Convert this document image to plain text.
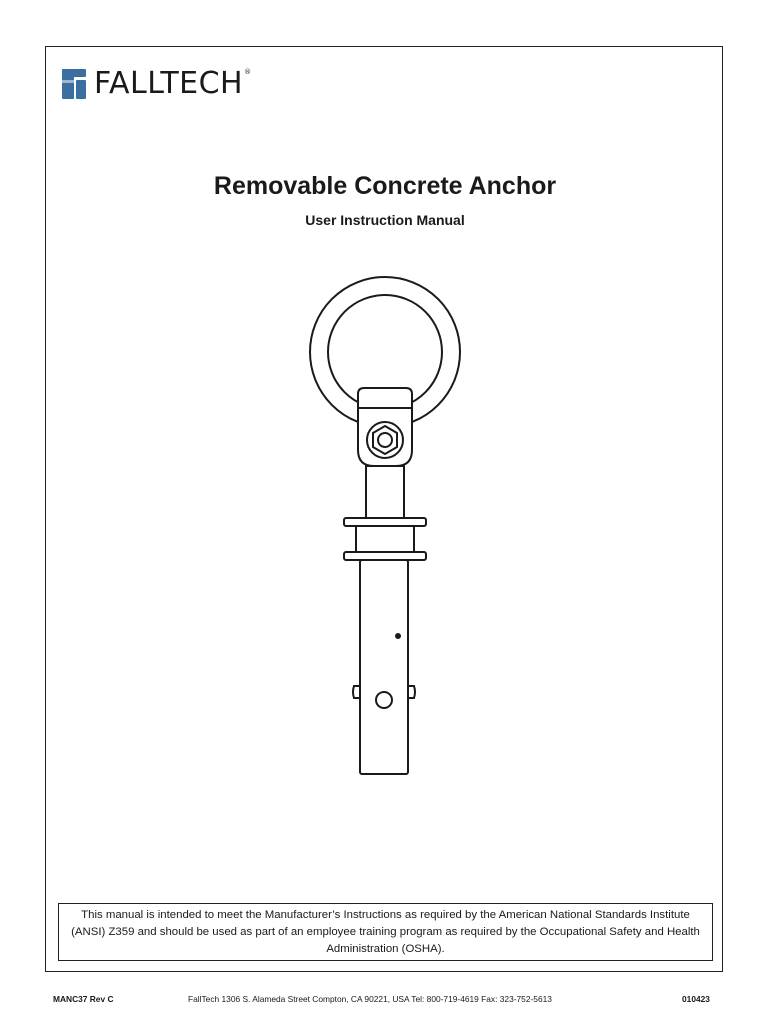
FALLTECH®
Removable Concrete Anchor
User Instruction Manual

This manual is intended to meet the Manufacturer’s Instructions as required by the American National Standards Institute (ANSI) Z359 and should be used as part of an employee training program as required by the Occupational Safety and Health Administration (OSHA).

MANC37 Rev C	FallTech 1306 S. Alameda Street Compton, CA 90221, USA Tel: 800-719-4619 Fax: 323-752-5613	010423
